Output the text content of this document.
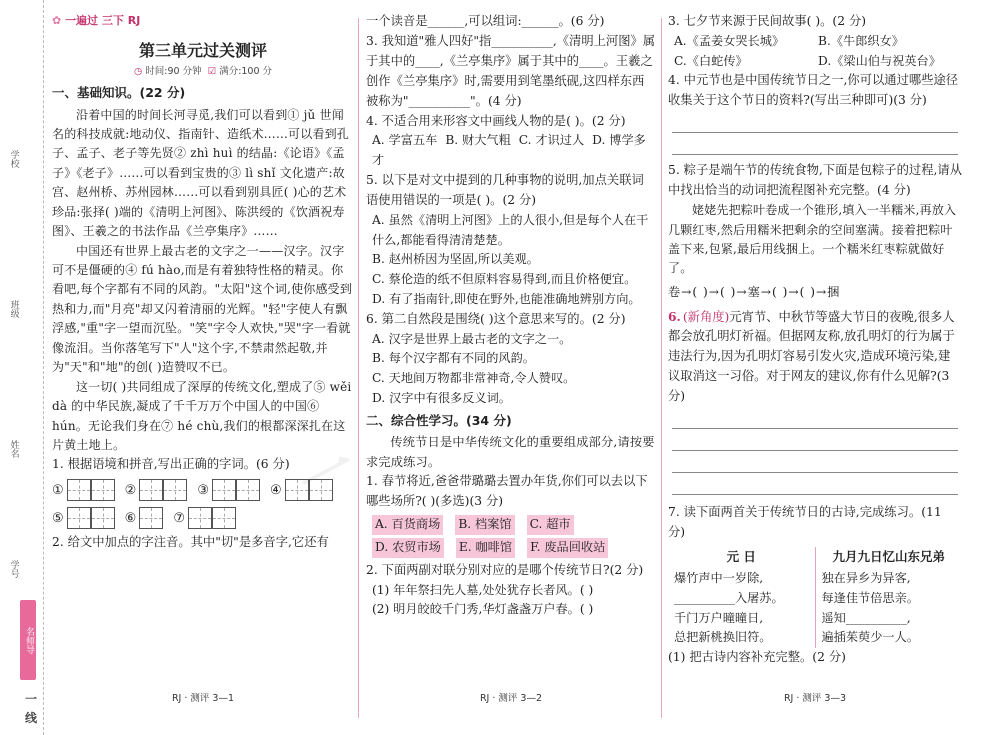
学校
班级
姓名
学号
名师导
一线
一
✿ 一遍过 三下 RJ
第三单元过关测评
◷ 时间:90 分钟 ☑ 满分:100 分
一、基础知识。(22 分)
沿着中国的时间长河寻觅,我们可以看到① jǔ 世闻名的科技成就:地动仪、指南针、造纸术……可以看到孔子、孟子、老子等先贤② zhì huì 的结晶:《论语》《孟子》《老子》……可以看到宝贵的③ lì shǐ 文化遗产:故宫、赵州桥、苏州园林……可以看到别具匠( )心的艺术珍品:张择( )端的《清明上河图》、陈洪绶的《饮酒祝寿图》、王羲之的书法作品《兰亭集序》……
中国还有世界上最古老的文字之一——汉字。汉字可不是僵硬的④ fú hào,而是有着独特性格的精灵。你看吧,每个字都有不同的风韵。"太阳"这个词,使你感受到热和力,而"月亮"却又闪着清丽的光辉。"轻"字使人有飘浮感,"重"字一望而沉坠。"笑"字令人欢快,"哭"字一看就像流泪。当你落笔写下"人"这个字,不禁肃然起敬,并为"天"和"地"的创( )造赞叹不已。
这一切( )共同组成了深厚的传统文化,塑成了⑤ wěi dà 的中华民族,凝成了千千万万个中国人的中国⑥ hún。无论我们身在⑦ hé chù,我们的根都深深扎在这片黄土地上。
1. 根据语境和拼音,写出正确的字词。(6 分)
①	②	③	④
⑤	⑥	⑦
2. 给文中加点的字注音。其中"切"是多音字,它还有
RJ · 测评 3—1
一个读音是______,可以组词:______。(6 分)
3. 我知道"雅人四好"指__________,《清明上河图》属于其中的____,《兰亭集序》属于其中的____。王羲之创作《兰亭集序》时,需要用到笔墨纸砚,这四样东西被称为"__________"。(4 分)
4. 不适合用来形容文中画线人物的是( )。(2 分)
A. 学富五车 B. 财大气粗 C. 才识过人 D. 博学多才
5. 以下是对文中提到的几种事物的说明,加点关联词语使用错误的一项是( )。(2 分)
A. 虽然《清明上河图》上的人很小,但是每个人在干什么,都能看得清清楚楚。
B. 赵州桥因为坚固,所以美观。
C. 蔡伦造的纸不但原料容易得到,而且价格便宜。
D. 有了指南针,即使在野外,也能准确地辨别方向。
6. 第二自然段是围绕( )这个意思来写的。(2 分)
A. 汉字是世界上最古老的文字之一。
B. 每个汉字都有不同的风韵。
C. 天地间万物都非常神奇,令人赞叹。
D. 汉字中有很多反义词。
二、综合性学习。(34 分)
传统节日是中华传统文化的重要组成部分,请按要求完成练习。
1. 春节将近,爸爸带璐璐去置办年货,你们可以去以下哪些场所?( )(多选)(3 分)
A. 百货商场 B. 档案馆 C. 超市
D. 农贸市场 E. 咖啡馆 F. 废品回收站
2. 下面两副对联分别对应的是哪个传统节日?(2 分)
(1) 年年祭扫先人墓,处处犹存长者风。( )
(2) 明月皎皎千门秀,华灯盏盏万户春。( )
RJ · 测评 3—2
3. 七夕节来源于民间故事( )。(2 分)
A.《孟姜女哭长城》	B.《牛郎织女》
C.《白蛇传》	D.《梁山伯与祝英台》
4. 中元节也是中国传统节日之一,你可以通过哪些途径收集关于这个节日的资料?(写出三种即可)(3 分)
5. 粽子是端午节的传统食物,下面是包粽子的过程,请从中找出恰当的动词把流程图补充完整。(4 分)
姥姥先把粽叶卷成一个锥形,填入一半糯米,再放入几颗红枣,然后用糯米把剩余的空间塞满。接着把粽叶盖下来,包紧,最后用线捆上。一个糯米红枣粽就做好了。
卷→( )→( )→塞→( )→( )→捆
6. (新角度)元宵节、中秋节等盛大节日的夜晚,很多人都会放孔明灯祈福。但据网友称,放孔明灯的行为属于违法行为,因为孔明灯容易引发火灾,造成环境污染,建议取消这一习俗。对于网友的建议,你有什么见解?(3 分)
7. 读下面两首关于传统节日的古诗,完成练习。(11 分)
元 日
爆竹声中一岁除,
__________入屠苏。
千门万户曈曈日,
总把新桃换旧符。
九月九日忆山东兄弟
独在异乡为异客,
每逢佳节倍思亲。
遥知__________,
遍插茱萸少一人。
(1) 把古诗内容补充完整。(2 分)
RJ · 测评 3—3
